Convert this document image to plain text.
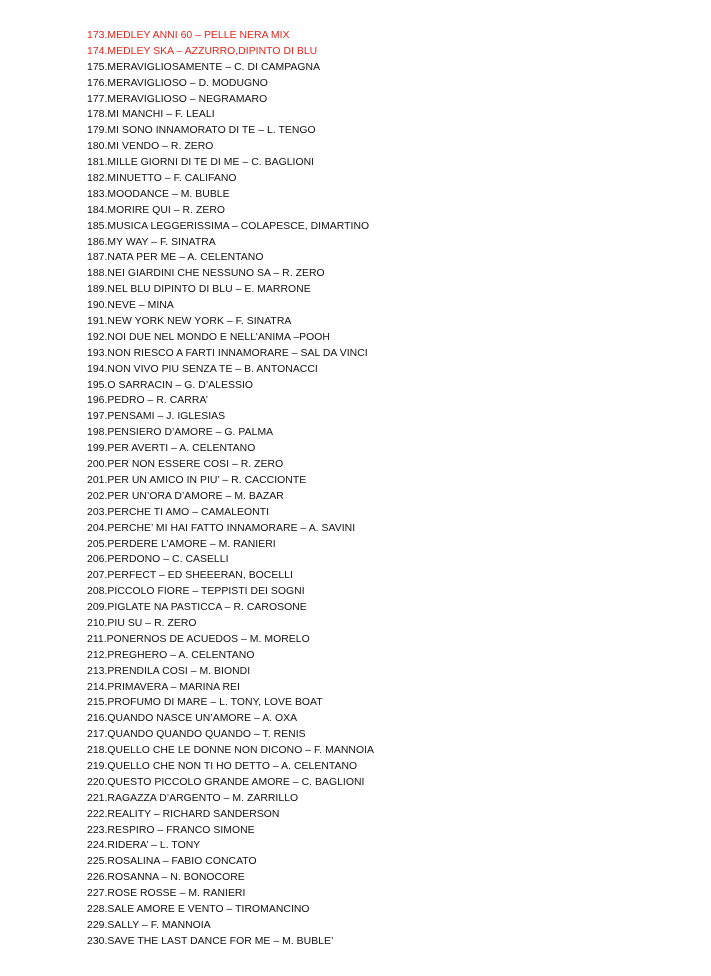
173.MEDLEY ANNI 60 – PELLE NERA MIX
174.MEDLEY SKA – AZZURRO,DIPINTO DI BLU
175.MERAVIGLIOSAMENTE – C. DI CAMPAGNA
176.MERAVIGLIOSO – D. MODUGNO
177.MERAVIGLIOSO – NEGRAMARO
178.MI MANCHI – F. LEALI
179.MI SONO INNAMORATO DI TE – L. TENGO
180.MI VENDO – R. ZERO
181.MILLE GIORNI DI TE DI ME – C. BAGLIONI
182.MINUETTO – F. CALIFANO
183.MOODANCE – M. BUBLE
184.MORIRE QUI – R. ZERO
185.MUSICA LEGGERISSIMA – COLAPESCE, DIMARTINO
186.MY WAY – F. SINATRA
187.NATA PER ME – A. CELENTANO
188.NEI GIARDINI CHE NESSUNO SA – R. ZERO
189.NEL BLU DIPINTO DI BLU – E. MARRONE
190.NEVE – MINA
191.NEW YORK NEW YORK – F. SINATRA
192.NOI DUE NEL MONDO E NELL’ANIMA –POOH
193.NON RIESCO A FARTI INNAMORARE – SAL DA VINCI
194.NON VIVO PIU SENZA TE – B. ANTONACCI
195.O SARRACIN – G. D’ALESSIO
196.PEDRO – R. CARRA’
197.PENSAMI – J. IGLESIAS
198.PENSIERO D’AMORE – G. PALMA
199.PER AVERTI – A. CELENTANO
200.PER NON ESSERE COSI – R. ZERO
201.PER UN AMICO IN PIU’ – R. CACCIONTE
202.PER UN’ORA D’AMORE – M. BAZAR
203.PERCHE TI AMO – CAMALEONTI
204.PERCHE’ MI HAI FATTO INNAMORARE – A. SAVINI
205.PERDERE L’AMORE – M. RANIERI
206.PERDONO – C. CASELLI
207.PERFECT – ED SHEEERAN, BOCELLI
208.PICCOLO FIORE – TEPPISTI DEI SOGNI
209.PIGLATE NA PASTICCA – R. CAROSONE
210.PIU SU – R. ZERO
211.PONERNOS DE ACUEDOS – M. MORELO
212.PREGHERO – A. CELENTANO
213.PRENDILA COSI – M. BIONDI
214.PRIMAVERA – MARINA REI
215.PROFUMO DI MARE – L. TONY, LOVE BOAT
216.QUANDO NASCE UN’AMORE – A. OXA
217.QUANDO QUANDO QUANDO – T. RENIS
218.QUELLO CHE LE DONNE NON DICONO – F. MANNOIA
219.QUELLO CHE NON TI HO DETTO – A. CELENTANO
220.QUESTO PICCOLO GRANDE AMORE – C. BAGLIONI
221.RAGAZZA D’ARGENTO – M. ZARRILLO
222.REALITY – RICHARD SANDERSON
223.RESPIRO – FRANCO SIMONE
224.RIDERA’ – L. TONY
225.ROSALINA – FABIO CONCATO
226.ROSANNA – N. BONOCORE
227.ROSE ROSSE – M. RANIERI
228.SALE AMORE E VENTO – TIROMANCINO
229.SALLY – F. MANNOIA
230.SAVE THE LAST DANCE FOR ME – M. BUBLE’
